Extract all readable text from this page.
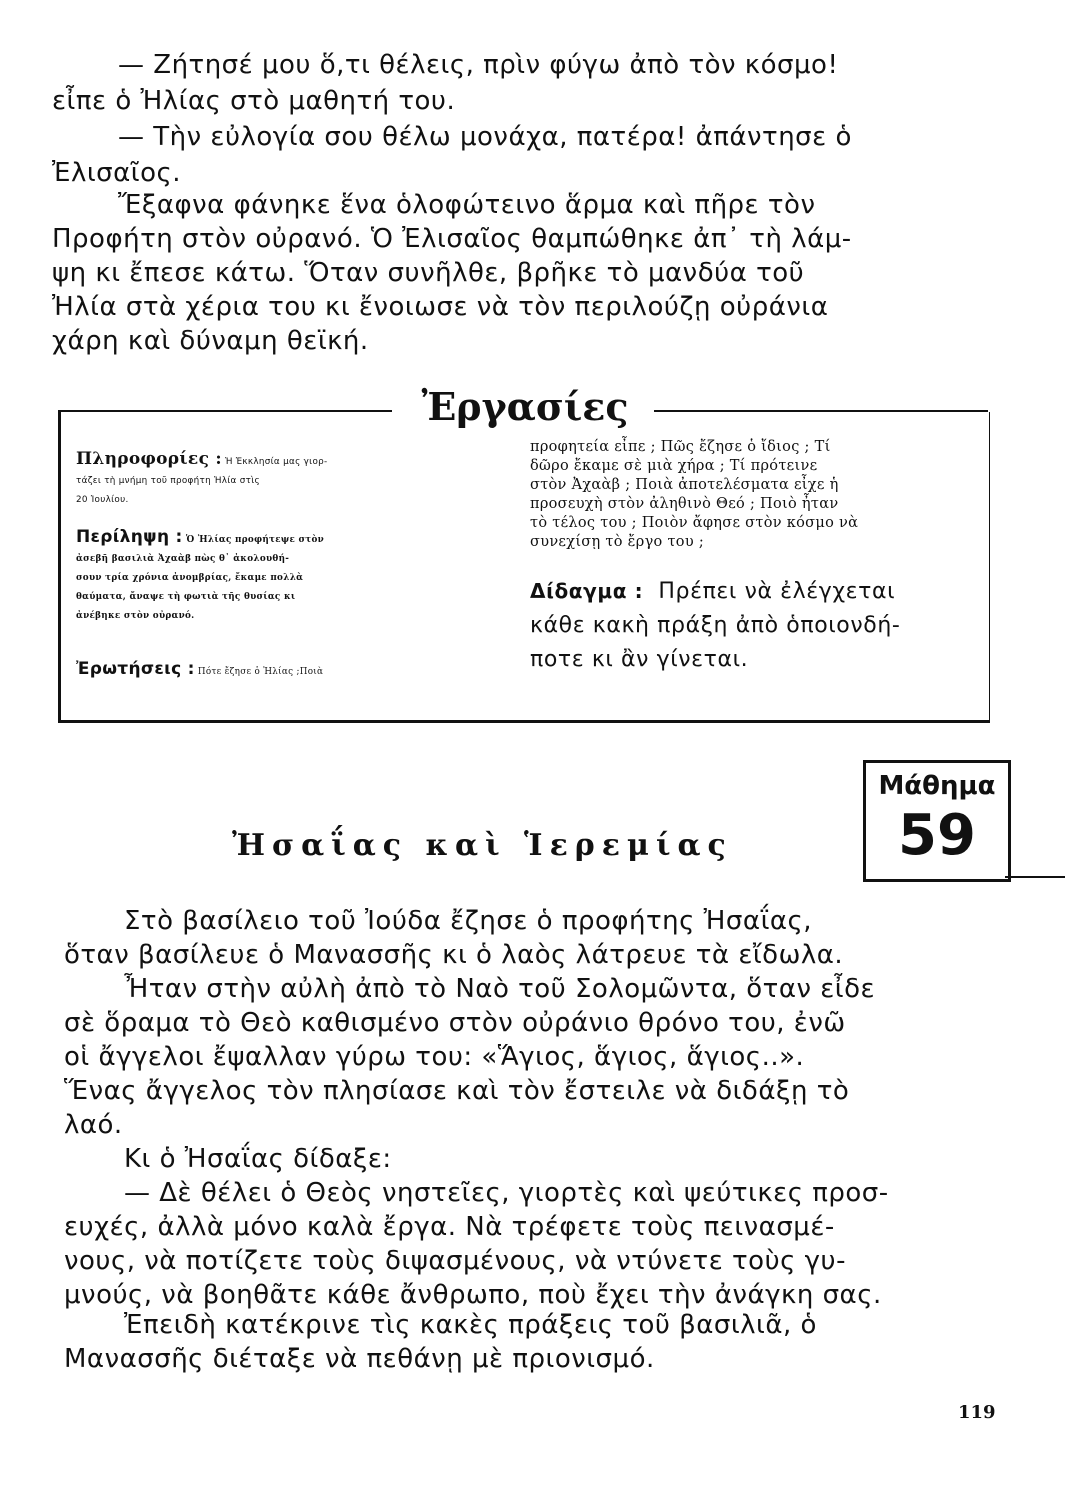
— Ζήτησέ μου ὅ,τι θέλεις, πρὶν φύγω ἀπὸ τὸν κόσμο!
εἶπε ὁ Ἠλίας στὸ μαθητή του.
— Τὴν εὐλογία σου θέλω μονάχα, πατέρα! ἀπάντησε ὁ
Ἐλισαῖος.
Ἔξαφνα φάνηκε ἕνα ὁλοφώτεινο ἅρμα καὶ πῆρε τὸν
Προφήτη στὸν οὐρανό. Ὁ Ἐλισαῖος θαμπώθηκε ἀπ᾽ τὴ λάμ-
ψη κι ἔπεσε κάτω. Ὅταν συνῆλθε, βρῆκε τὸ μανδύα τοῦ
Ἠλία στὰ χέρια του κι ἔνοιωσε νὰ τὸν περιλούζῃ οὐράνια
χάρη καὶ δύναμη θεϊκή.
Ἐργασίες
Πληροφορίες : Ἡ Ἐκκλησία μας γιορ-
τάζει τὴ μνήμη τοῦ προφήτη Ἠλία στὶς
20 Ἰουλίου.
Περίληψη : Ὁ Ἠλίας προφήτεψε στὸν
ἀσεβῆ βασιλιὰ Ἀχαὰβ πὼς θ᾽ ἀκολουθή-
σουν τρία χρόνια ἀνομβρίας, ἔκαμε πολλὰ
θαύματα, ἄναψε τὴ φωτιὰ τῆς θυσίας κι
ἀνέβηκε στὸν οὐρανό.
Ἐρωτήσεις : Πότε ἔζησε ὁ Ἠλίας ;Ποιὰ
προφητεία εἶπε ; Πῶς ἔζησε ὁ ἴδιος ; Τί
δῶρο ἔκαμε σὲ μιὰ χήρα ; Τί πρότεινε
στὸν Ἀχαὰβ ; Ποιὰ ἀποτελέσματα εἶχε ἡ
προσευχὴ στὸν ἀληθινὸ Θεό ; Ποιὸ ἦταν
τὸ τέλος του ; Ποιὸν ἄφησε στὸν κόσμο νὰ
συνεχίσῃ τὸ ἔργο του ;
Δίδαγμα : Πρέπει νὰ ἐλέγχεται
κάθε κακὴ πράξη ἀπὸ ὁποιονδή-
ποτε κι ἂν γίνεται.
Μάθημα
59
Ἠσαΐας καὶ Ἱερεμίας
Στὸ βασίλειο τοῦ Ἰούδα ἔζησε ὁ προφήτης Ἠσαΐας,
ὅταν βασίλευε ὁ Μανασσῆς κι ὁ λαὸς λάτρευε τὰ εἴδωλα.
Ἦταν στὴν αὐλὴ ἀπὸ τὸ Ναὸ τοῦ Σολομῶντα, ὅταν εἶδε
σὲ ὅραμα τὸ Θεὸ καθισμένο στὸν οὐράνιο θρόνο του, ἐνῶ
οἱ ἄγγελοι ἔψαλλαν γύρω του: «Ἅγιος, ἅγιος, ἅγιος..».
Ἕνας ἄγγελος τὸν πλησίασε καὶ τὸν ἔστειλε νὰ διδάξῃ τὸ
λαό.
Κι ὁ Ἠσαΐας δίδαξε:
— Δὲ θέλει ὁ Θεὸς νηστεῖες, γιορτὲς καὶ ψεύτικες προσ-
ευχές, ἀλλὰ μόνο καλὰ ἔργα. Νὰ τρέφετε τοὺς πεινασμέ-
νους, νὰ ποτίζετε τοὺς διψασμένους, νὰ ντύνετε τοὺς γυ-
μνούς, νὰ βοηθᾶτε κάθε ἄνθρωπο, ποὺ ἔχει τὴν ἀνάγκη σας.
Ἐπειδὴ κατέκρινε τὶς κακὲς πράξεις τοῦ βασιλιᾶ, ὁ
Μανασσῆς διέταξε νὰ πεθάνῃ μὲ πριονισμό.
119
